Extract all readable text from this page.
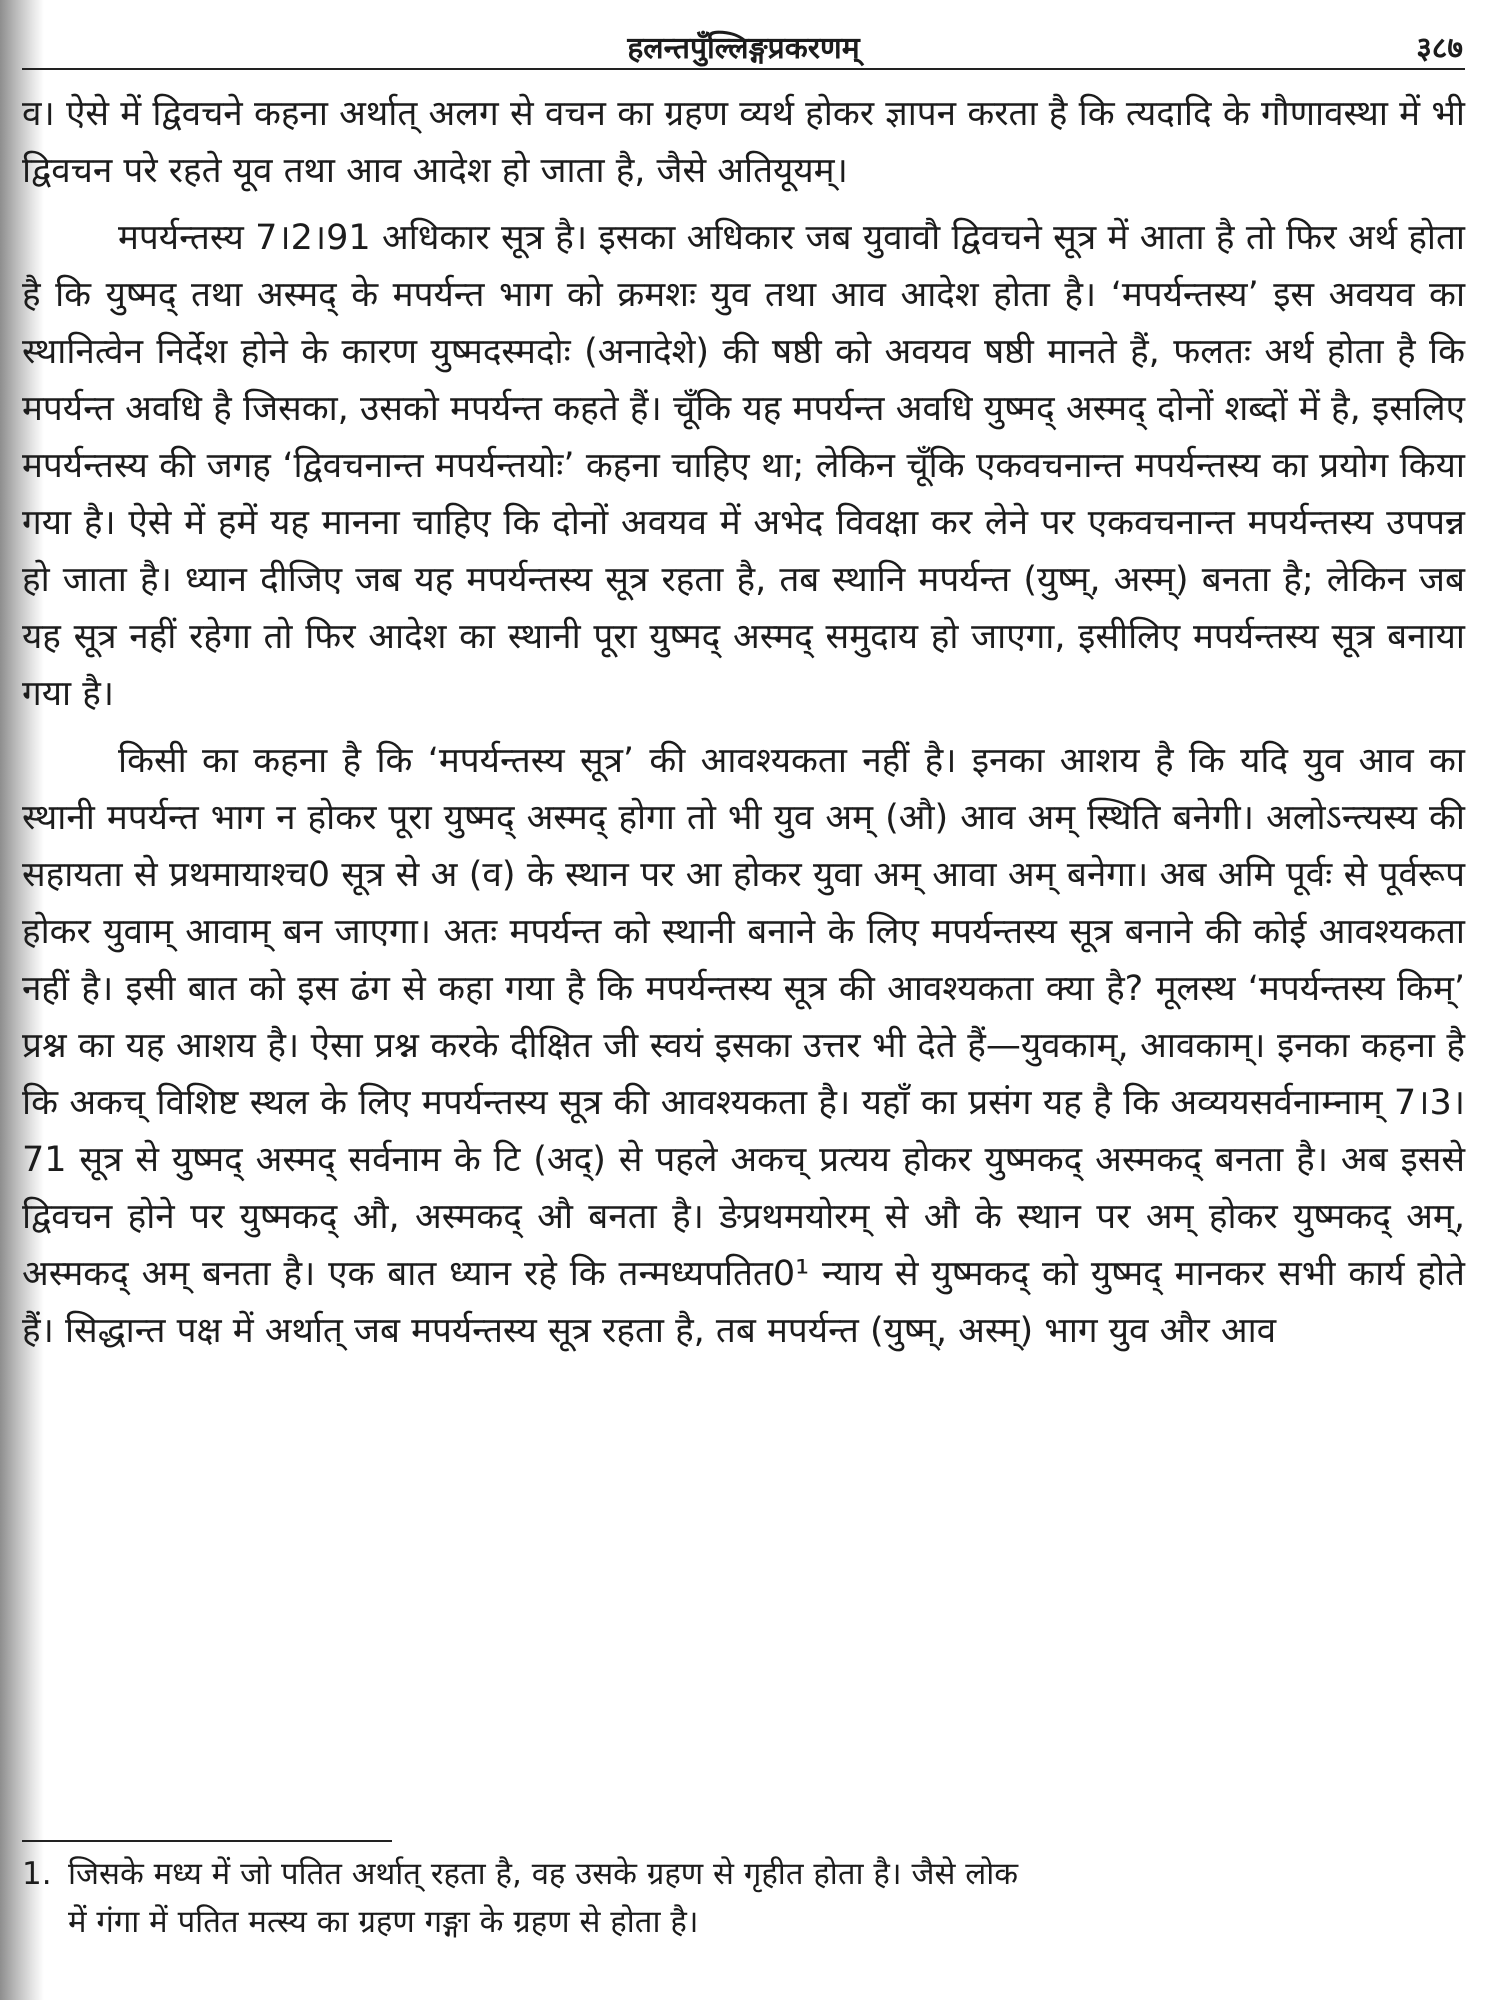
हलन्तपुँल्लिङ्गप्रकरणम्	३८७

व। ऐसे में द्विवचने कहना अर्थात् अलग से वचन का ग्रहण व्यर्थ होकर ज्ञापन करता है कि त्यदादि के गौणावस्था में भी द्विवचन परे रहते यूव तथा आव आदेश हो जाता है, जैसे अतियूयम्।

मपर्यन्तस्य 7।2।91 अधिकार सूत्र है। इसका अधिकार जब युवावौ द्विवचने सूत्र में आता है तो फिर अर्थ होता है कि युष्मद् तथा अस्मद् के मपर्यन्त भाग को क्रमशः युव तथा आव आदेश होता है। ‘मपर्यन्तस्य’ इस अवयव का स्थानित्वेन निर्देश होने के कारण युष्मदस्मदोः (अनादेशे) की षष्ठी को अवयव षष्ठी मानते हैं, फलतः अर्थ होता है कि मपर्यन्त अवधि है जिसका, उसको मपर्यन्त कहते हैं। चूँकि यह मपर्यन्त अवधि युष्मद् अस्मद् दोनों शब्दों में है, इसलिए मपर्यन्तस्य की जगह ‘द्विवचनान्त मपर्यन्तयोः’ कहना चाहिए था; लेकिन चूँकि एकवचनान्त मपर्यन्तस्य का प्रयोग किया गया है। ऐसे में हमें यह मानना चाहिए कि दोनों अवयव में अभेद विवक्षा कर लेने पर एकवचनान्त मपर्यन्तस्य उपपन्न हो जाता है। ध्यान दीजिए जब यह मपर्यन्तस्य सूत्र रहता है, तब स्थानि मपर्यन्त (युष्म्, अस्म्) बनता है; लेकिन जब यह सूत्र नहीं रहेगा तो फिर आदेश का स्थानी पूरा युष्मद् अस्मद् समुदाय हो जाएगा, इसीलिए मपर्यन्तस्य सूत्र बनाया गया है।

किसी का कहना है कि ‘मपर्यन्तस्य सूत्र’ की आवश्यकता नहीं है। इनका आशय है कि यदि युव आव का स्थानी मपर्यन्त भाग न होकर पूरा युष्मद् अस्मद् होगा तो भी युव अम् (औ) आव अम् स्थिति बनेगी। अलोऽन्त्यस्य की सहायता से प्रथमायाश्च0 सूत्र से अ (व) के स्थान पर आ होकर युवा अम् आवा अम् बनेगा। अब अमि पूर्वः से पूर्वरूप होकर युवाम् आवाम् बन जाएगा। अतः मपर्यन्त को स्थानी बनाने के लिए मपर्यन्तस्य सूत्र बनाने की कोई आवश्यकता नहीं है। इसी बात को इस ढंग से कहा गया है कि मपर्यन्तस्य सूत्र की आवश्यकता क्या है? मूलस्थ ‘मपर्यन्तस्य किम्’ प्रश्न का यह आशय है। ऐसा प्रश्न करके दीक्षित जी स्वयं इसका उत्तर भी देते हैं—युवकाम्, आवकाम्। इनका कहना है कि अकच् विशिष्ट स्थल के लिए मपर्यन्तस्य सूत्र की आवश्यकता है। यहाँ का प्रसंग यह है कि अव्ययसर्वनाम्नाम् 7।3।71 सूत्र से युष्मद् अस्मद् सर्वनाम के टि (अद्) से पहले अकच् प्रत्यय होकर युष्मकद् अस्मकद् बनता है। अब इससे द्विवचन होने पर युष्मकद् औ, अस्मकद् औ बनता है। ङेप्रथमयोरम् से औ के स्थान पर अम् होकर युष्मकद् अम्, अस्मकद् अम् बनता है। एक बात ध्यान रहे कि तन्मध्यपतित0¹ न्याय से युष्मकद् को युष्मद् मानकर सभी कार्य होते हैं। सिद्धान्त पक्ष में अर्थात् जब मपर्यन्तस्य सूत्र रहता है, तब मपर्यन्त (युष्म्, अस्म्) भाग युव और आव

1. जिसके मध्य में जो पतित अर्थात् रहता है, वह उसके ग्रहण से गृहीत होता है। जैसे लोक
में गंगा में पतित मत्स्य का ग्रहण गङ्गा के ग्रहण से होता है।
